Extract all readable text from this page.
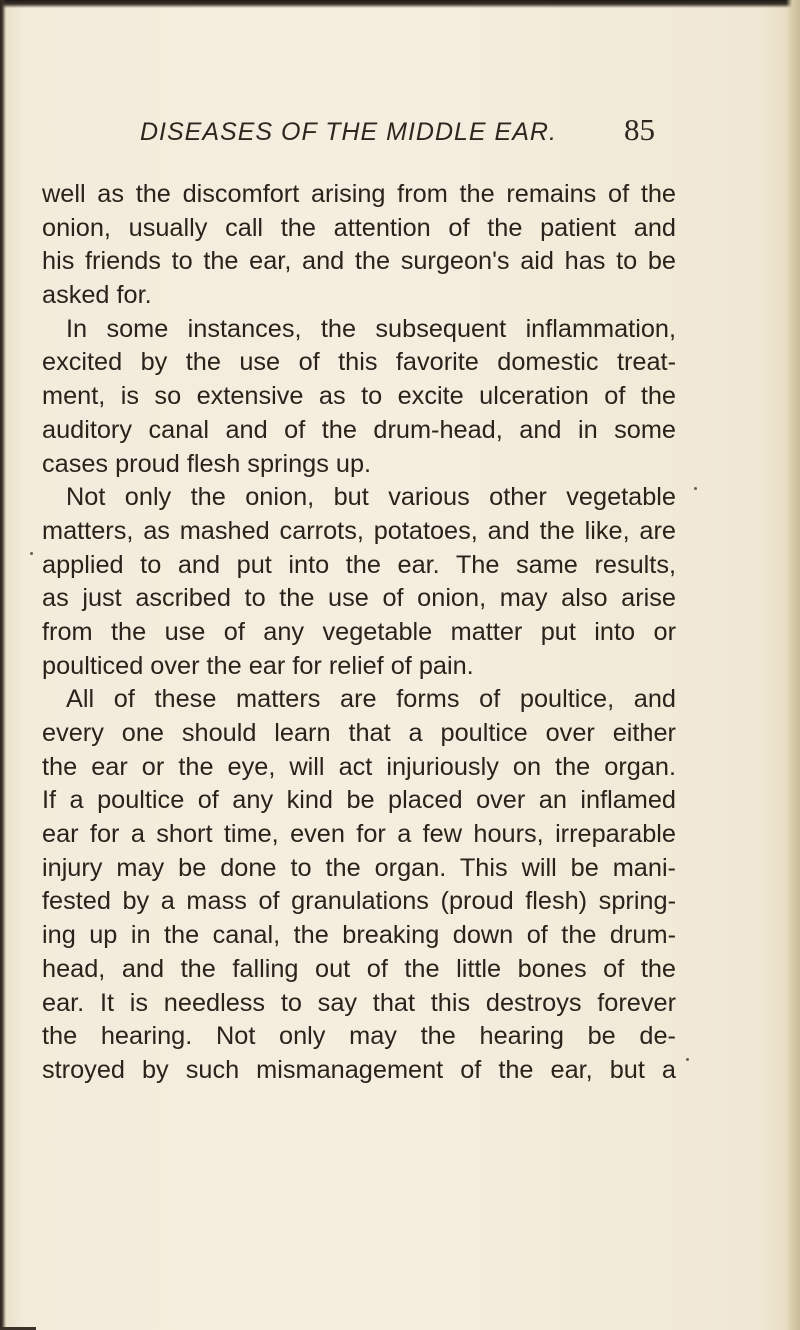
DISEASES OF THE MIDDLE EAR. 85
well as the discomfort arising from the remains of the
onion, usually call the attention of the patient and
his friends to the ear, and the surgeon's aid has to be
asked for.
In some instances, the subsequent inflammation,
excited by the use of this favorite domestic treat-
ment, is so extensive as to excite ulceration of the
auditory canal and of the drum-head, and in some
cases proud flesh springs up.
Not only the onion, but various other vegetable
matters, as mashed carrots, potatoes, and the like, are
applied to and put into the ear. The same results,
as just ascribed to the use of onion, may also arise
from the use of any vegetable matter put into or
poulticed over the ear for relief of pain.
All of these matters are forms of poultice, and
every one should learn that a poultice over either
the ear or the eye, will act injuriously on the organ.
If a poultice of any kind be placed over an inflamed
ear for a short time, even for a few hours, irreparable
injury may be done to the organ. This will be mani-
fested by a mass of granulations (proud flesh) spring-
ing up in the canal, the breaking down of the drum-
head, and the falling out of the little bones of the
ear. It is needless to say that this destroys forever
the hearing. Not only may the hearing be de-
stroyed by such mismanagement of the ear, but a
